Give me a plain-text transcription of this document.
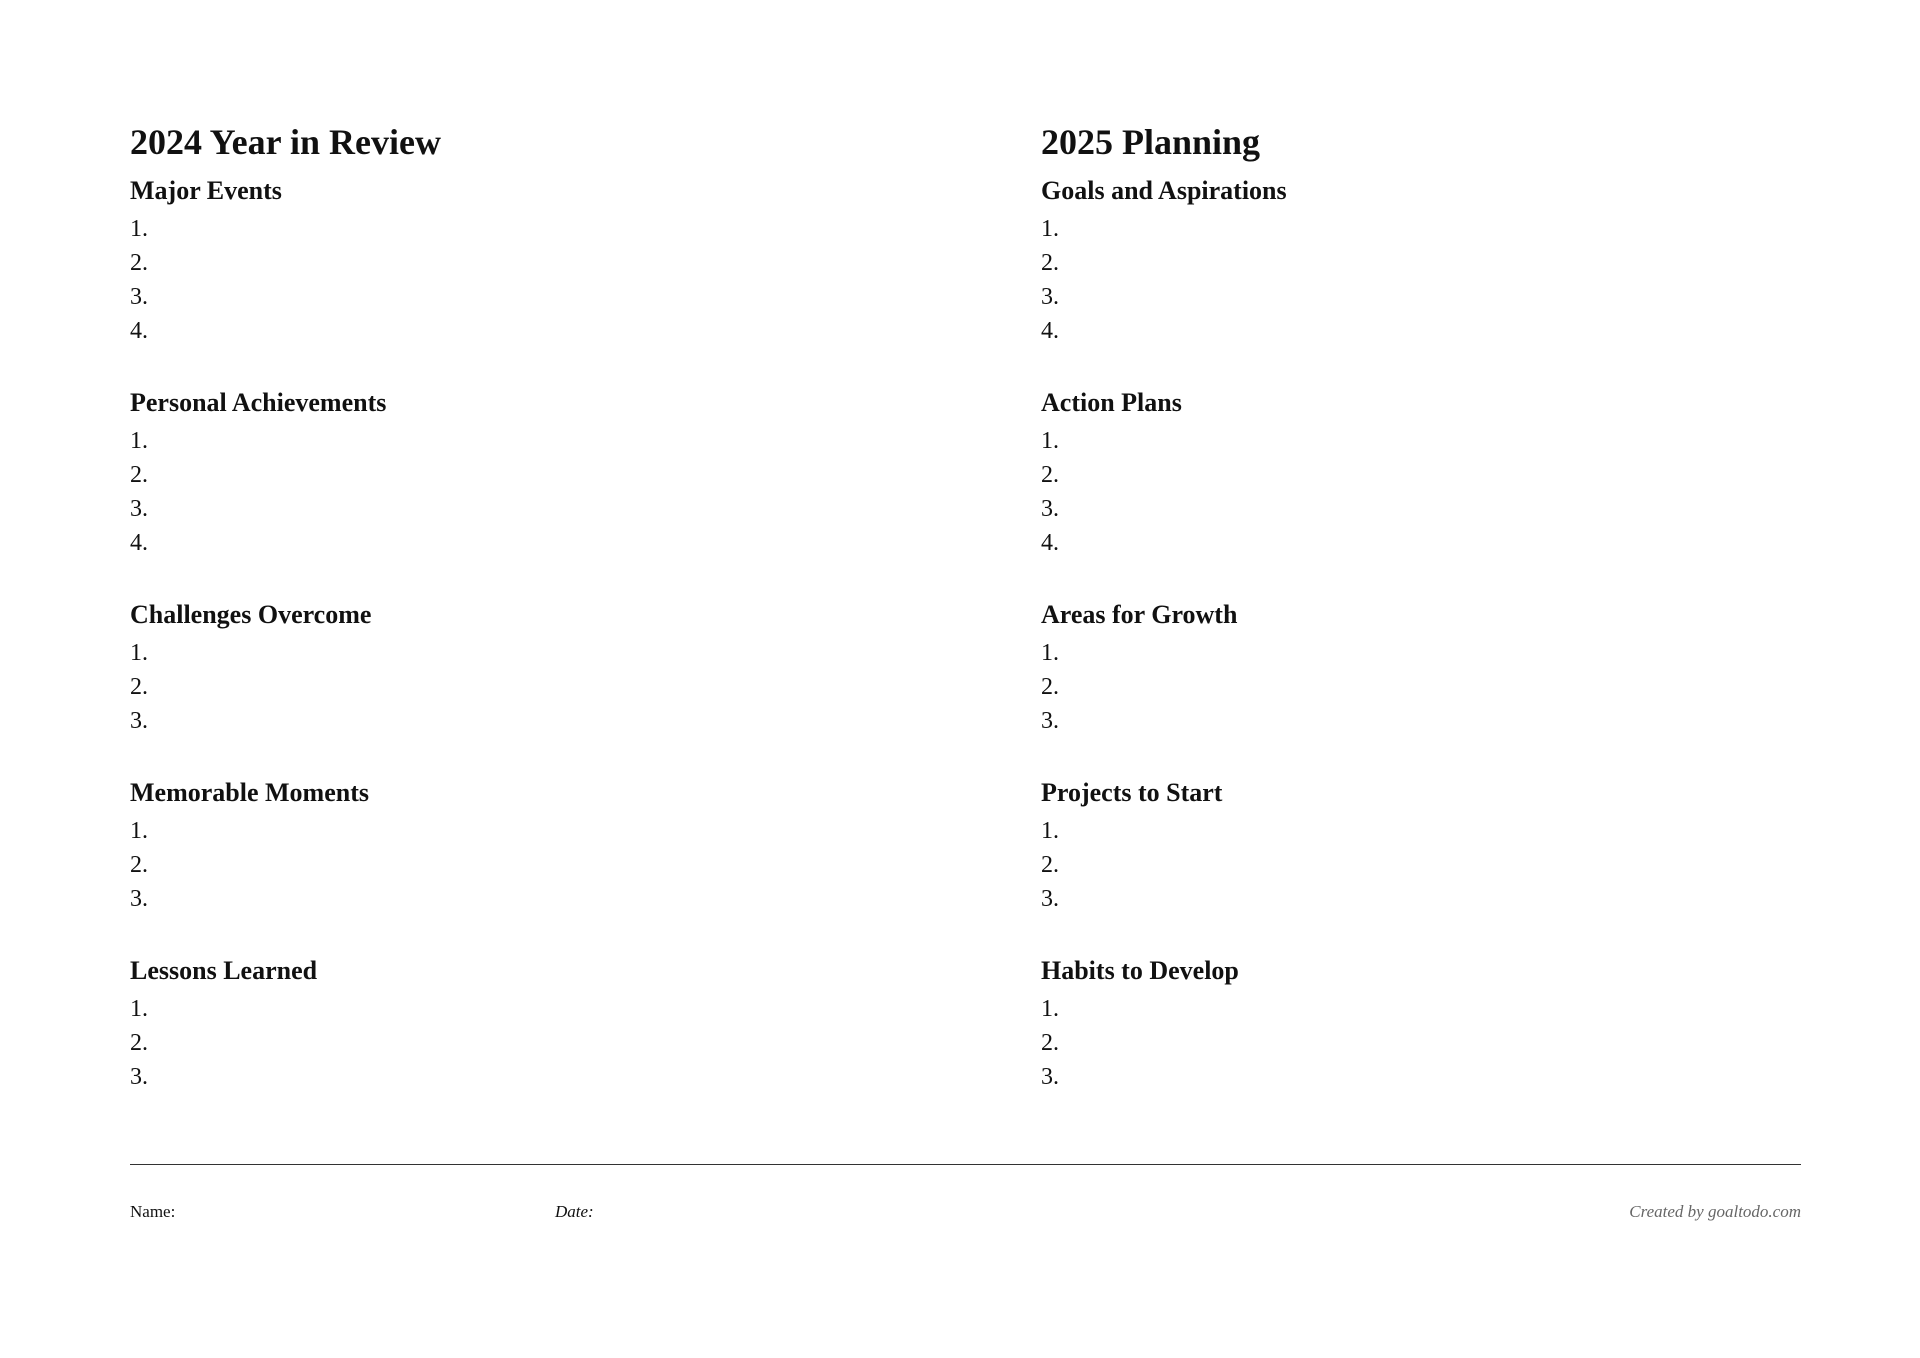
2024 Year in Review
Major Events
1.
2.
3.
4.
Personal Achievements
1.
2.
3.
4.
Challenges Overcome
1.
2.
3.
Memorable Moments
1.
2.
3.
Lessons Learned
1.
2.
3.
2025 Planning
Goals and Aspirations
1.
2.
3.
4.
Action Plans
1.
2.
3.
4.
Areas for Growth
1.
2.
3.
Projects to Start
1.
2.
3.
Habits to Develop
1.
2.
3.
Name:	Date:	Created by goaltodo.com
